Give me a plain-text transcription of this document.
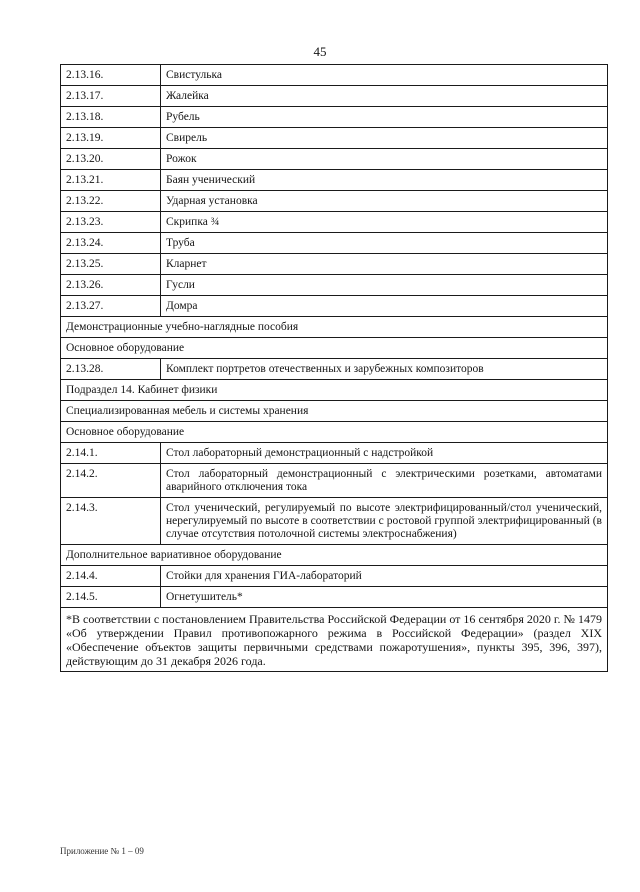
45
2.13.16.	Свистулька
2.13.17.	Жалейка
2.13.18.	Рубель
2.13.19.	Свирель
2.13.20.	Рожок
2.13.21.	Баян ученический
2.13.22.	Ударная установка
2.13.23.	Скрипка ¾
2.13.24.	Труба
2.13.25.	Кларнет
2.13.26.	Гусли
2.13.27.	Домра
Демонстрационные учебно-наглядные пособия	
Основное оборудование	
2.13.28.	Комплект портретов отечественных и зарубежных композиторов
Подраздел 14. Кабинет физики	
Специализированная мебель и системы хранения	
Основное оборудование	
2.14.1.	Стол лабораторный демонстрационный с надстройкой
2.14.2.	Стол лабораторный демонстрационный с электрическими розетками, автоматами аварийного отключения тока
2.14.3.	Стол ученический, регулируемый по высоте электрифицированный/стол ученический, нерегулируемый по высоте в соответствии с ростовой группой электрифицированный (в случае отсутствия потолочной системы электроснабжения)
Дополнительное вариативное оборудование	
2.14.4.	Стойки для хранения ГИА-лабораторий
2.14.5.	Огнетушитель*
*В соответствии с постановлением Правительства Российской Федерации от 16 сентября 2020 г. № 1479 «Об утверждении Правил противопожарного режима в Российской Федерации» (раздел XIX «Обеспечение объектов защиты первичными средствами пожаротушения», пункты 395, 396, 397), действующим до 31 декабря 2026 года.	
Приложение № 1 – 09
